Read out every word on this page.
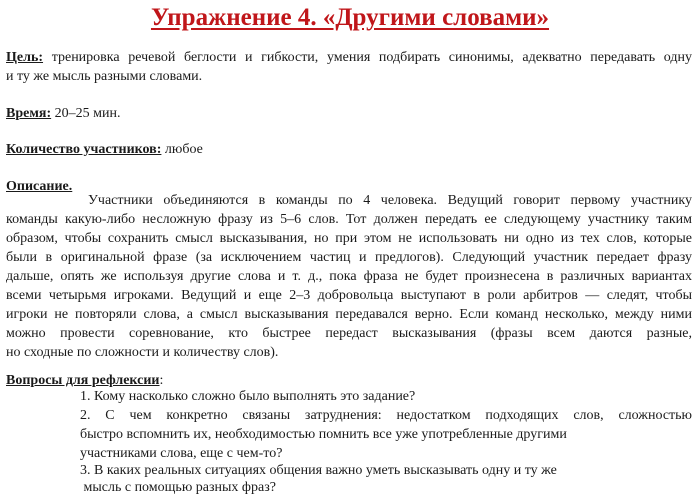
Упражнение 4. «Другими словами»
Цель: тренировка речевой беглости и гибкости, умения подбирать синонимы, адекватно передавать одну
и ту же мысль разными словами.
Время: 20–25 мин.
Количество участников: любое
Описание.
Участники объединяются в команды по 4 человека. Ведущий говорит первому участнику
команды какую-либо несложную фразу из 5–6 слов. Тот должен передать ее следующему участнику таким
образом, чтобы сохранить смысл высказывания, но при этом не использовать ни одно из тех слов, которые
были в оригинальной фразе (за исключением частиц и предлогов). Следующий участник передает фразу
дальше, опять же используя другие слова и т. д., пока фраза не будет произнесена в различных вариантах
всеми четырьмя игроками. Ведущий и еще 2–3 добровольца выступают в роли арбитров — следят, чтобы
игроки не повторяли слова, а смысл высказывания передавался верно. Если команд несколько, между ними
можно провести соревнование, кто быстрее передаст высказывания (фразы всем даются разные,
но сходные по сложности и количеству слов).
Вопросы для рефлексии:
1. Кому насколько сложно было выполнять это задание?
2. С чем конкретно связаны затруднения: недостатком подходящих слов, сложностью
быстро вспомнить их, необходимостью помнить все уже употребленные другими
участниками слова, еще с чем-то?
3. В каких реальных ситуациях общения важно уметь высказывать одну и ту же
мысль с помощью разных фраз?
